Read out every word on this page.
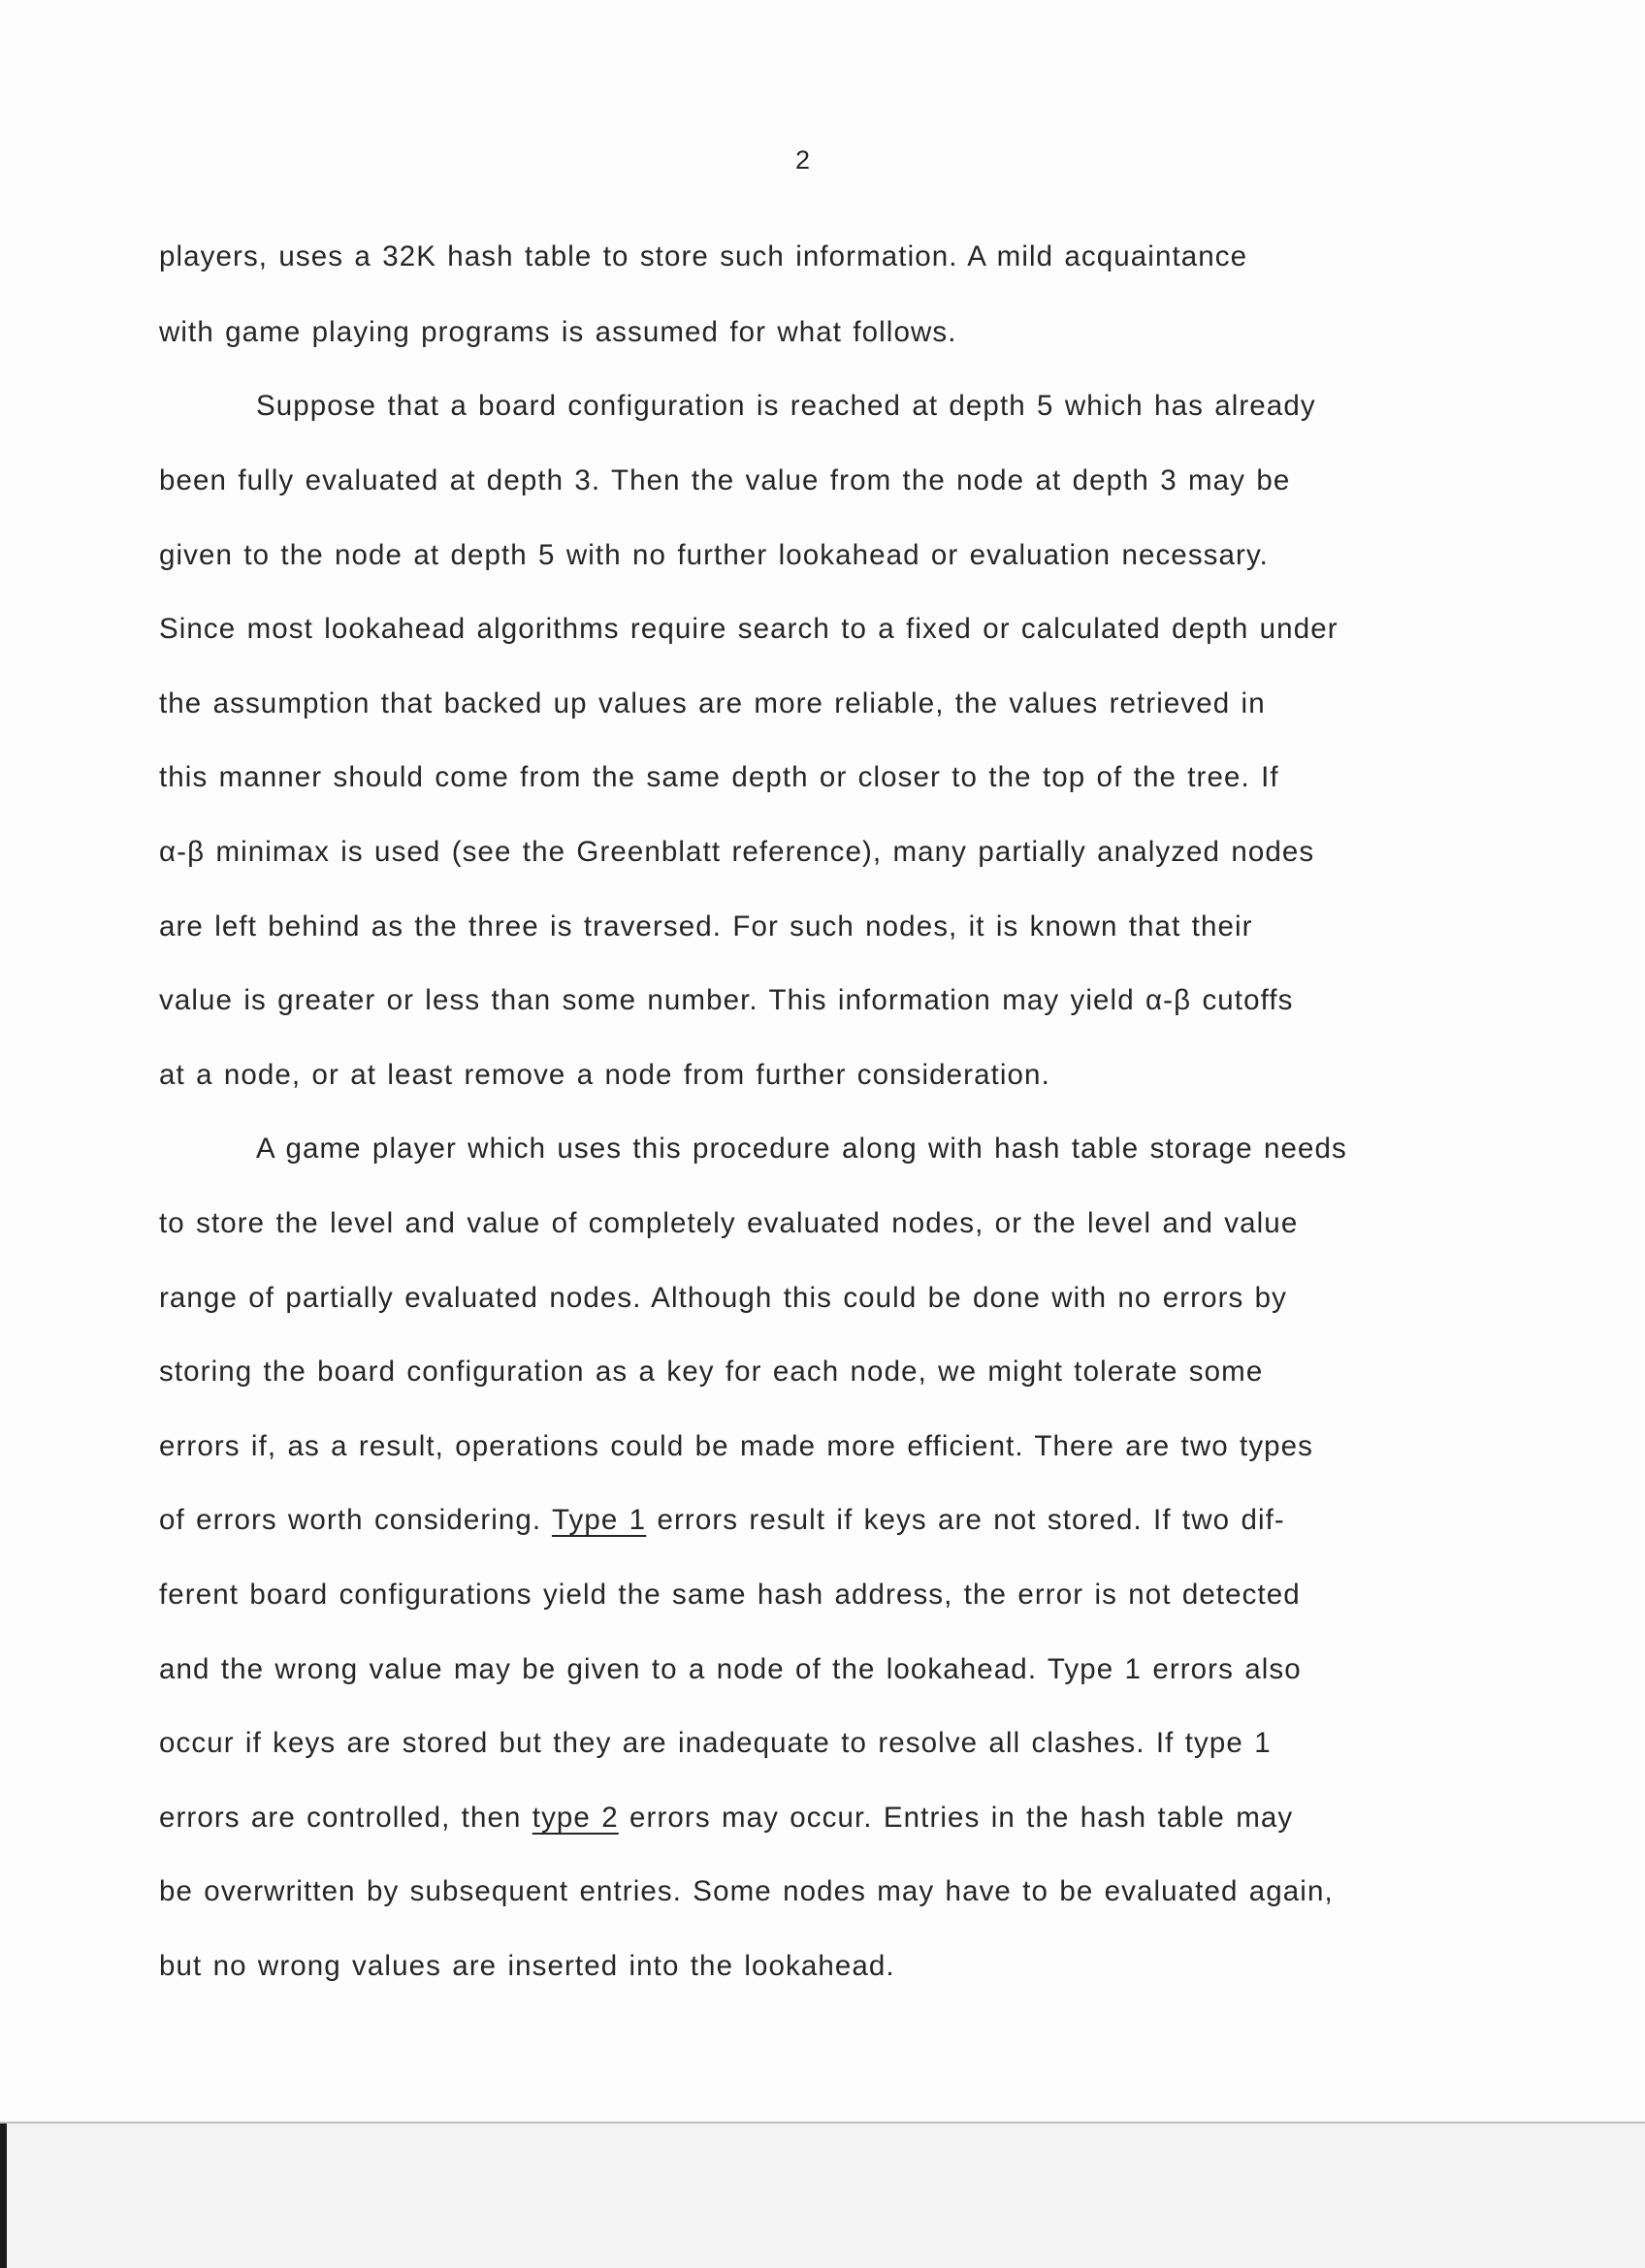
2
players, uses a 32K hash table to store such information. A mild acquaintance
with game playing programs is assumed for what follows.
Suppose that a board configuration is reached at depth 5 which has already
been fully evaluated at depth 3. Then the value from the node at depth 3 may be
given to the node at depth 5 with no further lookahead or evaluation necessary.
Since most lookahead algorithms require search to a fixed or calculated depth under
the assumption that backed up values are more reliable, the values retrieved in
this manner should come from the same depth or closer to the top of the tree. If
α-β minimax is used (see the Greenblatt reference), many partially analyzed nodes
are left behind as the three is traversed. For such nodes, it is known that their
value is greater or less than some number. This information may yield α-β cutoffs
at a node, or at least remove a node from further consideration.
A game player which uses this procedure along with hash table storage needs
to store the level and value of completely evaluated nodes, or the level and value
range of partially evaluated nodes. Although this could be done with no errors by
storing the board configuration as a key for each node, we might tolerate some
errors if, as a result, operations could be made more efficient. There are two types
of errors worth considering. Type 1 errors result if keys are not stored. If two dif-
ferent board configurations yield the same hash address, the error is not detected
and the wrong value may be given to a node of the lookahead. Type 1 errors also
occur if keys are stored but they are inadequate to resolve all clashes. If type 1
errors are controlled, then type 2 errors may occur. Entries in the hash table may
be overwritten by subsequent entries. Some nodes may have to be evaluated again,
but no wrong values are inserted into the lookahead.
